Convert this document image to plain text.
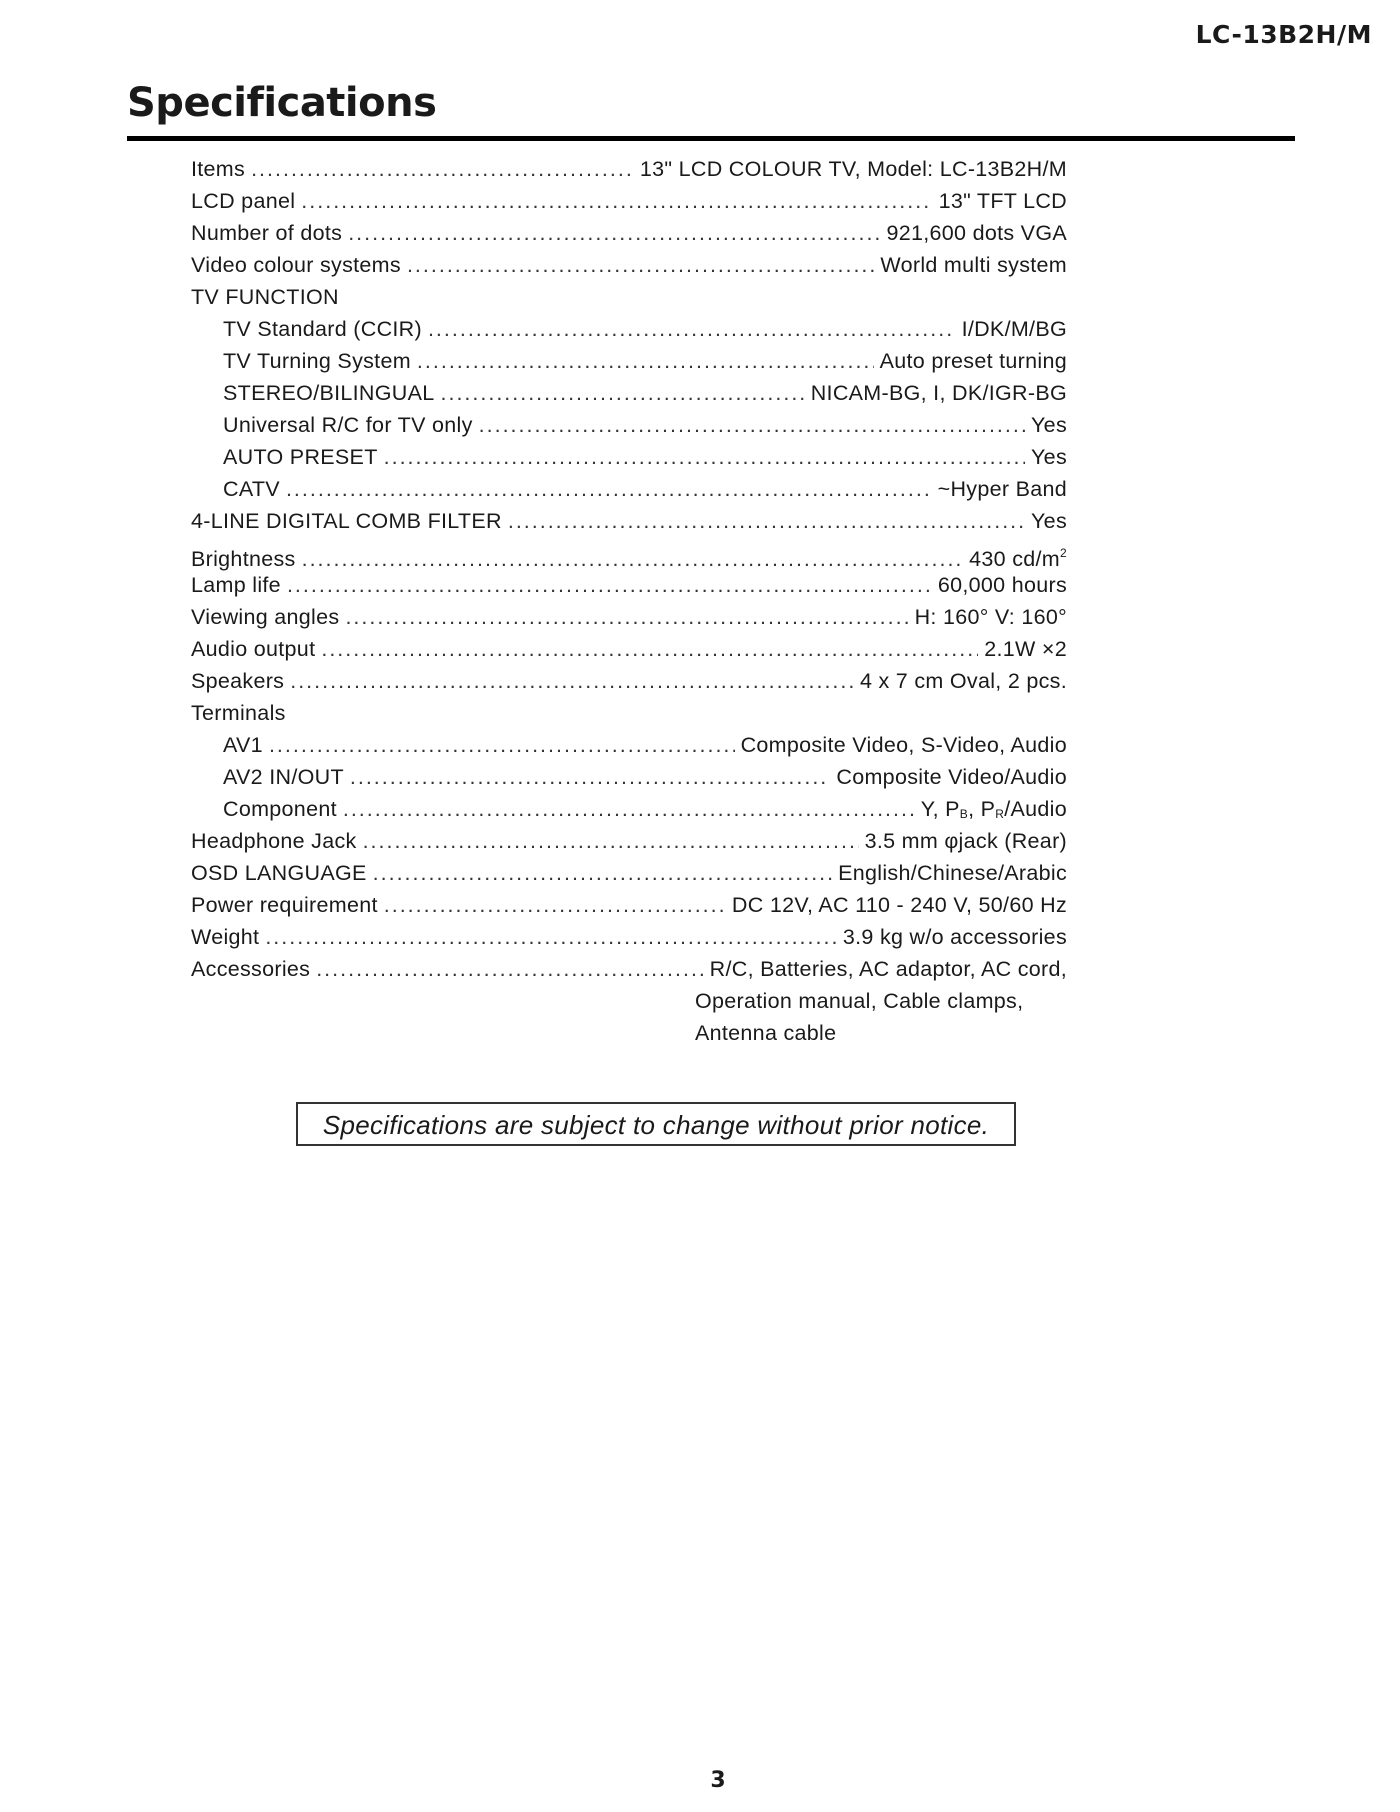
LC-13B2H/M
Specifications
Items .....	13" LCD COLOUR TV, Model: LC-13B2H/M
LCD panel .....	13" TFT LCD
Number of dots .....	921,600 dots VGA
Video colour systems .....	World multi system
TV FUNCTION
TV Standard (CCIR) .....	I/DK/M/BG
TV Turning System .....	Auto preset turning
STEREO/BILINGUAL .....	NICAM-BG, I, DK/IGR-BG
Universal R/C for TV only .....	Yes
AUTO PRESET .....	Yes
CATV .....	~Hyper Band
4-LINE DIGITAL COMB FILTER .....	Yes
Brightness .....	430 $cd/m^2$
Lamp life .....	60,000 hours
Viewing angles .....	H: 160° V: 160°
Audio output .....	2.1W ×2
Speakers .....	4 x 7 cm Oval, 2 pcs.
Terminals
AV1 .....	Composite Video, S-Video, Audio
AV2 IN/OUT .....	Composite Video/Audio
Component .....	Y, PB, PR/Audio
Headphone Jack .....	3.5 mm φjack (Rear)
OSD LANGUAGE .....	English/Chinese/Arabic
Power requirement .....	DC 12V, AC 110 - 240 V, 50/60 Hz
Weight .....	3.9 kg w/o accessories
Accessories .....	R/C, Batteries, AC adaptor, AC cord,
Operation manual, Cable clamps,
Antenna cable
Specifications are subject to change without prior notice.
3
